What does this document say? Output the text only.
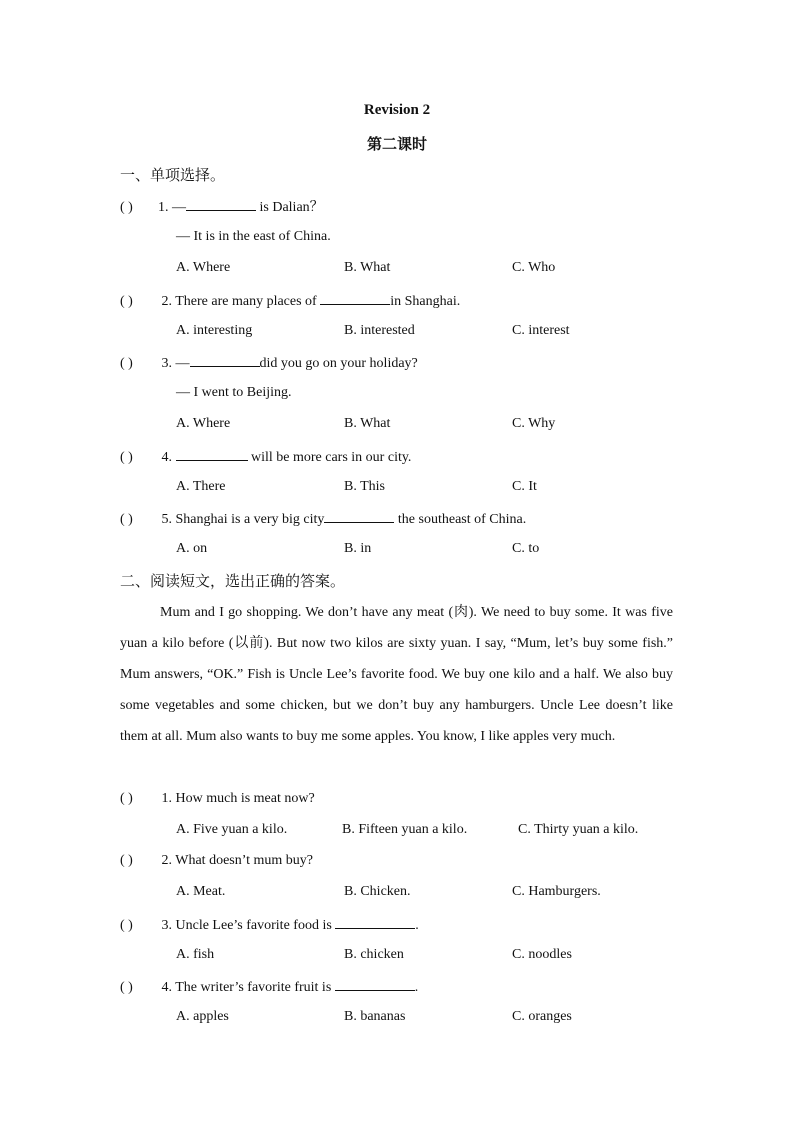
Revision 2
第二课时
一、单项选择。
( ) 1. —	is Dalian？
— It is in the east of China.
A. Where	B. What	C. Who
( ) 2. There are many places of	in Shanghai.
A. interesting	B. interested	C. interest
( ) 3. —	did you go on your holiday?
— I went to Beijing.
A. Where	B. What	C. Why
( ) 4.	will be more cars in our city.
A. There	B. This	C. It
( ) 5. Shanghai is a very big city	the southeast of China.
A. on	B. in	C. to
二、阅读短文，选出正确的答案。

Mum and I go shopping. We don’t have any meat (肉). We need to buy some. It was five yuan a kilo before (以前). But now two kilos are sixty yuan. I say, “Mum, let’s buy some fish.” Mum answers, “OK.” Fish is Uncle Lee’s favorite food. We buy one kilo and a half. We also buy some vegetables and some chicken, but we don’t buy any hamburgers. Uncle Lee doesn’t like them at all. Mum also wants to buy me some apples. You know, I like apples very much.

( ) 1. How much is meat now?
A. Five yuan a kilo.	B. Fifteen yuan a kilo.	C. Thirty yuan a kilo.
( ) 2. What doesn’t mum buy?
A. Meat.	B. Chicken.	C. Hamburgers.
( ) 3. Uncle Lee’s favorite food is	.
A. fish	B. chicken	C. noodles
( ) 4. The writer’s favorite fruit is	.
A. apples	B. bananas	C. oranges
